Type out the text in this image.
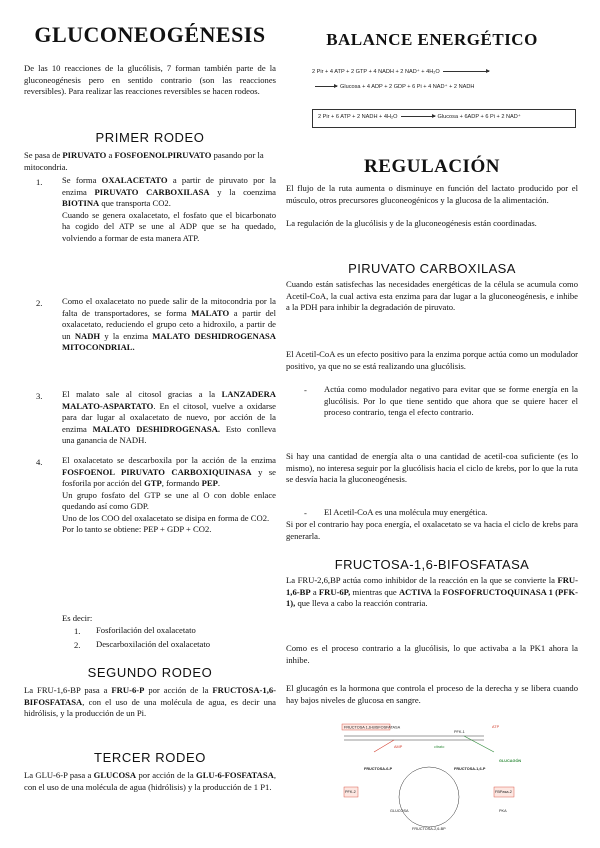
GLUCONEOGÉNESIS
De las 10 reacciones de la glucólisis, 7 forman también parte de la gluconeogénesis pero en sentido contrario (son las reacciones reversibles). Para realizar las reacciones reversibles se hacen rodeos.
PRIMER RODEO
Se pasa de PIRUVATO a FOSFOENOLPIRUVATO pasando por la mitocondria.
1. Se forma OXALACETATO a partir de piruvato por la enzima PIRUVATO CARBOXILASA y la coenzima BIOTINA que transporta CO2.
Cuando se genera oxalacetato, el fosfato que el bicarbonato ha cogido del ATP se une al ADP que se ha quedado, volviendo a formar de esta manera ATP.
2. Como el oxalacetato no puede salir de la mitocondria por la falta de transportadores, se forma MALATO a partir del oxalacetato, reduciendo el grupo ceto a hidroxilo, a partir de un NADH y la enzima MALATO DESHIDROGENASA MITOCONDRIAL.
3. El malato sale al citosol gracias a la LANZADERA MALATO-ASPARTATO. En el citosol, vuelve a oxidarse para dar lugar al oxalacetato de nuevo, por acción de la enzima MALATO DESHIDROGENASA. Esto conlleva una ganancia de NADH.
4. El oxalacetato se descarboxila por la acción de la enzima FOSFOENOL PIRUVATO CARBOXIQUINASA y se fosforila por acción del GTP, formando PEP.
Un grupo fosfato del GTP se une al O con doble enlace quedando así como GDP.
Uno de los COO del oxalacetato se disipa en forma de CO2.
Por lo tanto se obtiene: PEP + GDP + CO2.
Es decir:
1. Fosforilación del oxalacetato
2. Descarboxilación del oxalacetato
SEGUNDO RODEO
La FRU-1,6-BP pasa a FRU-6-P por acción de la FRUCTOSA-1,6-BIFOSFATASA, con el uso de una molécula de agua, es decir una hidrólisis, y la producción de un Pi.
TERCER RODEO
La GLU-6-P pasa a GLUCOSA por acción de la GLU-6-FOSFATASA, con el uso de una molécula de agua (hidrólisis) y la producción de 1 P1.
BALANCE ENERGÉTICO
2 Pir + 4 ATP + 2 GTP + 4 NADH + 2 NAD⁺ + 4H₂O
Glucosa + 4 ADP + 2 GDP + 6 Pi + 4 NAD⁺ + 2 NADH
2 Pir + 6 ATP + 2 NADH + 4H₂O	Glucosa + 6ADP + 6 Pi + 2 NAD⁺
REGULACIÓN
El flujo de la ruta aumenta o disminuye en función del lactato producido por el músculo, otros precursores gluconeogénicos y la glucosa de la alimentación.
La regulación de la glucólisis y de la gluconeogénesis están coordinadas.
PIRUVATO CARBOXILASA
Cuando están satisfechas las necesidades energéticas de la célula se acumula como Acetil-CoA, la cual activa esta enzima para dar lugar a la gluconeogénesis, e inhibe a la PDH para inhibir la degradación de piruvato.
El Acetil-CoA es un efecto positivo para la enzima porque actúa como un modulador positivo, ya que no se está realizando una glucólisis.
- Actúa como modulador negativo para evitar que se forme energía en la glucólisis. Por lo que tiene sentido que ahora que se quiere hacer el proceso contrario, tenga el efecto contrario.
Si hay una cantidad de energía alta o una cantidad de acetil-coa suficiente (es lo mismo), no interesa seguir por la glucólisis hacia el ciclo de krebs, por lo que la ruta se desvía hacia la gluconeogénesis.
- El Acetil-CoA es una molécula muy energética.
Si por el contrario hay poca energía, el oxalacetato se va hacia el ciclo de krebs para generarla.
FRUCTOSA-1,6-BIFOSFATASA
La FRU-2,6,BP actúa como inhibidor de la reacción en la que se convierte la FRU-1,6-BP a FRU-6P, mientras que ACTIVA la FOSFOFRUCTOQUINASA 1 (PFK-1), que lleva a cabo la reacción contraria.
Como es el proceso contrario a la glucólisis, lo que activaba a la PK1 ahora la inhibe.
El glucagón es la hormona que controla el proceso de la derecha y se libera cuando hay bajos niveles de glucosa en sangre.
FRUCTOSA 1,6-BISFOSFATASA
PFK-1
ATP
AMP	citrato
FRUCTOSA-6-P	FRUCTOSA-1,6-P
FRUCTOSA-2,6-BP
PFK-2	FBPasa-2
GLUCAGÓN
GLUCOSA	PKA
